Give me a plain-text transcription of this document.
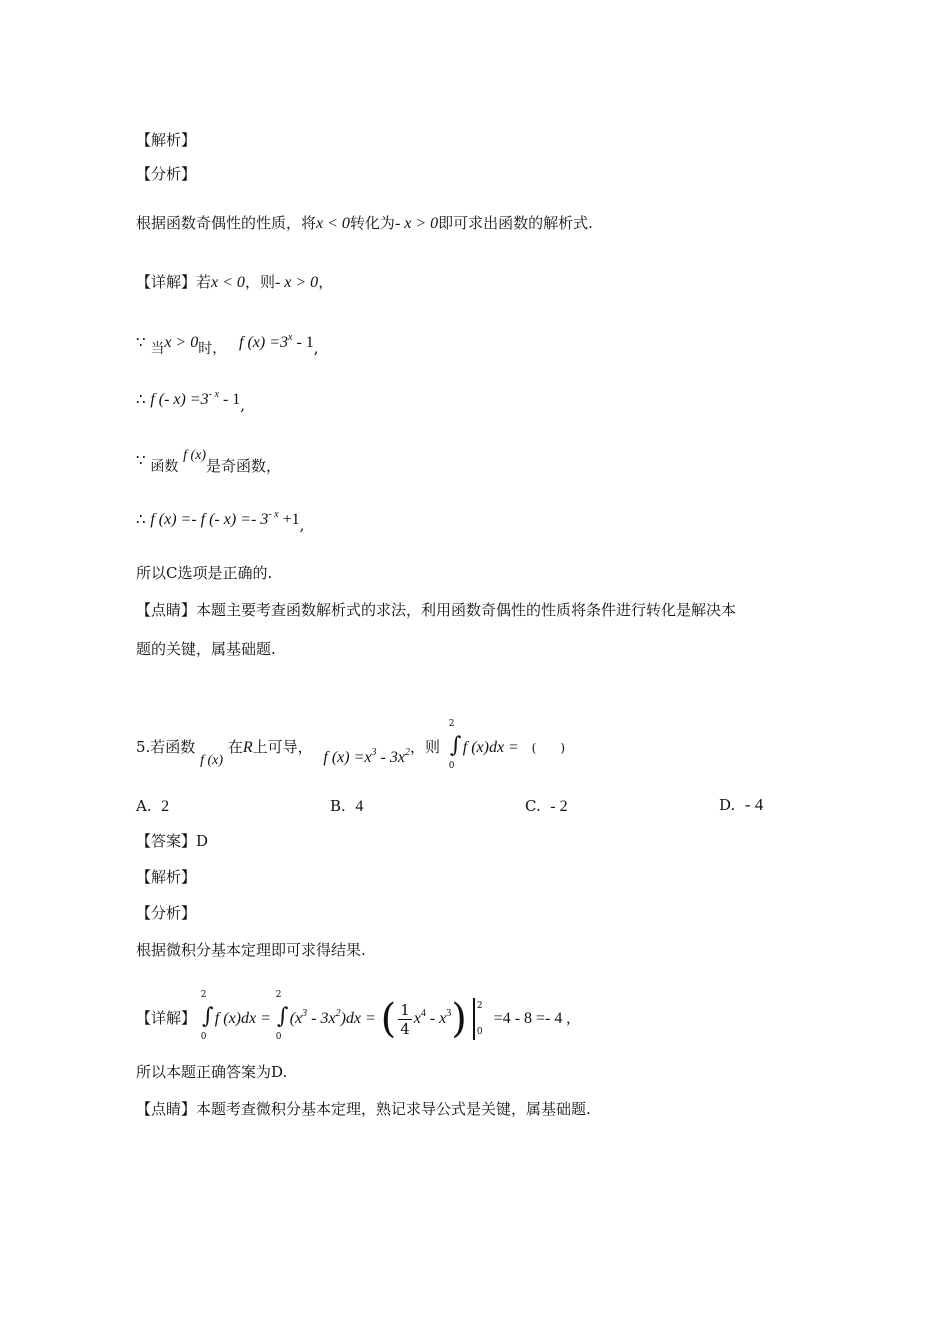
【解析】
【分析】
根据函数奇偶性的性质，将x < 0转化为- x > 0即可求出函数的解析式.
【详解】若x < 0，则- x > 0，
∵ 当x > 0时， f $(x) =3^x - 1$,
∴ f (- $x) =3^{- x} - 1$,
∵ 函数 f (x)是奇函数，
∴ f (x) =- f (- $x) =- 3^{- x} +1$,
所以C选项是正确的.
【点睛】本题主要考查函数解析式的求法，利用函数奇偶性的性质将条件进行转化是解决本
题的关键，属基础题.
5.若函数 f (x) 在R上可导， f $(x) =x^3 - 3x^2$，则
2
∫
0
f (x)dx = (　　)
A. 2	B. 4	C. - 2	D. - 4
【答案】D
【解析】
【分析】
根据微积分基本定理即可求得结果.
【详解】
2
∫
0
f (x)dx =
2
∫
0
$(x^3 - 3x^2)dx$ = ( $\frac{1}{4} x^4 - x^3$) 2
0
=4 - 8 =- 4 ,
所以本题正确答案为D.
【点睛】本题考查微积分基本定理，熟记求导公式是关键，属基础题.
